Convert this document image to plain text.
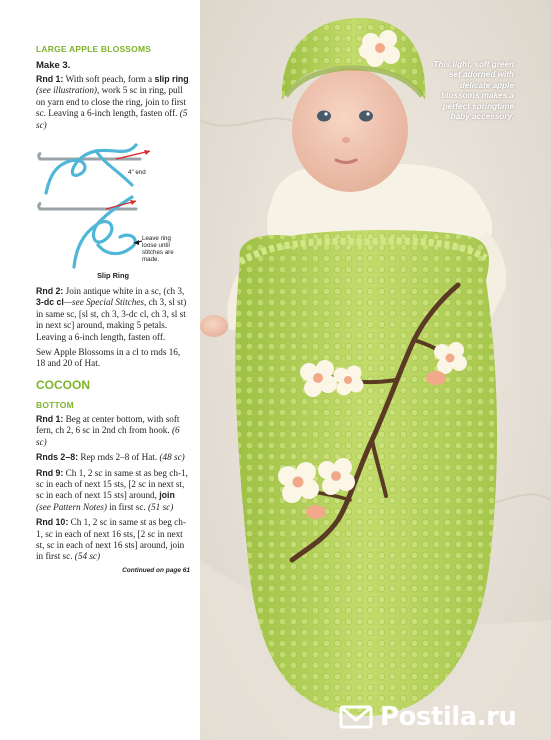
LARGE APPLE BLOSSOMS
Make 3.

Rnd 1: With soft peach, form a slip ring (see illustration), work 5 sc in ring, pull on yarn end to close the ring, join to first sc. Leaving a 6-inch length, fasten off. (5 sc)

4" end
Leave ring loose until stitches are made.
Slip Ring

Rnd 2: Join antique white in a sc, (ch 3, 3-dc cl—see Special Stitches, ch 3, sl st) in same sc, [sl st, ch 3, 3-dc cl, ch 3, sl st in next sc] around, making 5 petals. Leaving a 6-inch length, fasten off.

Sew Apple Blossoms in a cl to rnds 16, 18 and 20 of Hat.

COCOON
BOTTOM

Rnd 1: Beg at center bottom, with soft fern, ch 2, 6 sc in 2nd ch from hook. (6 sc)

Rnds 2–8: Rep rnds 2–8 of Hat. (48 sc)

Rnd 9: Ch 1, 2 sc in same st as beg ch-1, sc in each of next 15 sts, [2 sc in next st, sc in each of next 15 sts] around, join (see Pattern Notes) in first sc. (51 sc)

Rnd 10: Ch 1, 2 sc in same st as beg ch-1, sc in each of next 16 sts, [2 sc in next st, sc in each of next 16 sts] around, join in first sc. (54 sc)

Continued on page 61
This light, soft green set adorned with delicate apple blossoms makes a perfect springtime baby accessory.
Postila.ru
